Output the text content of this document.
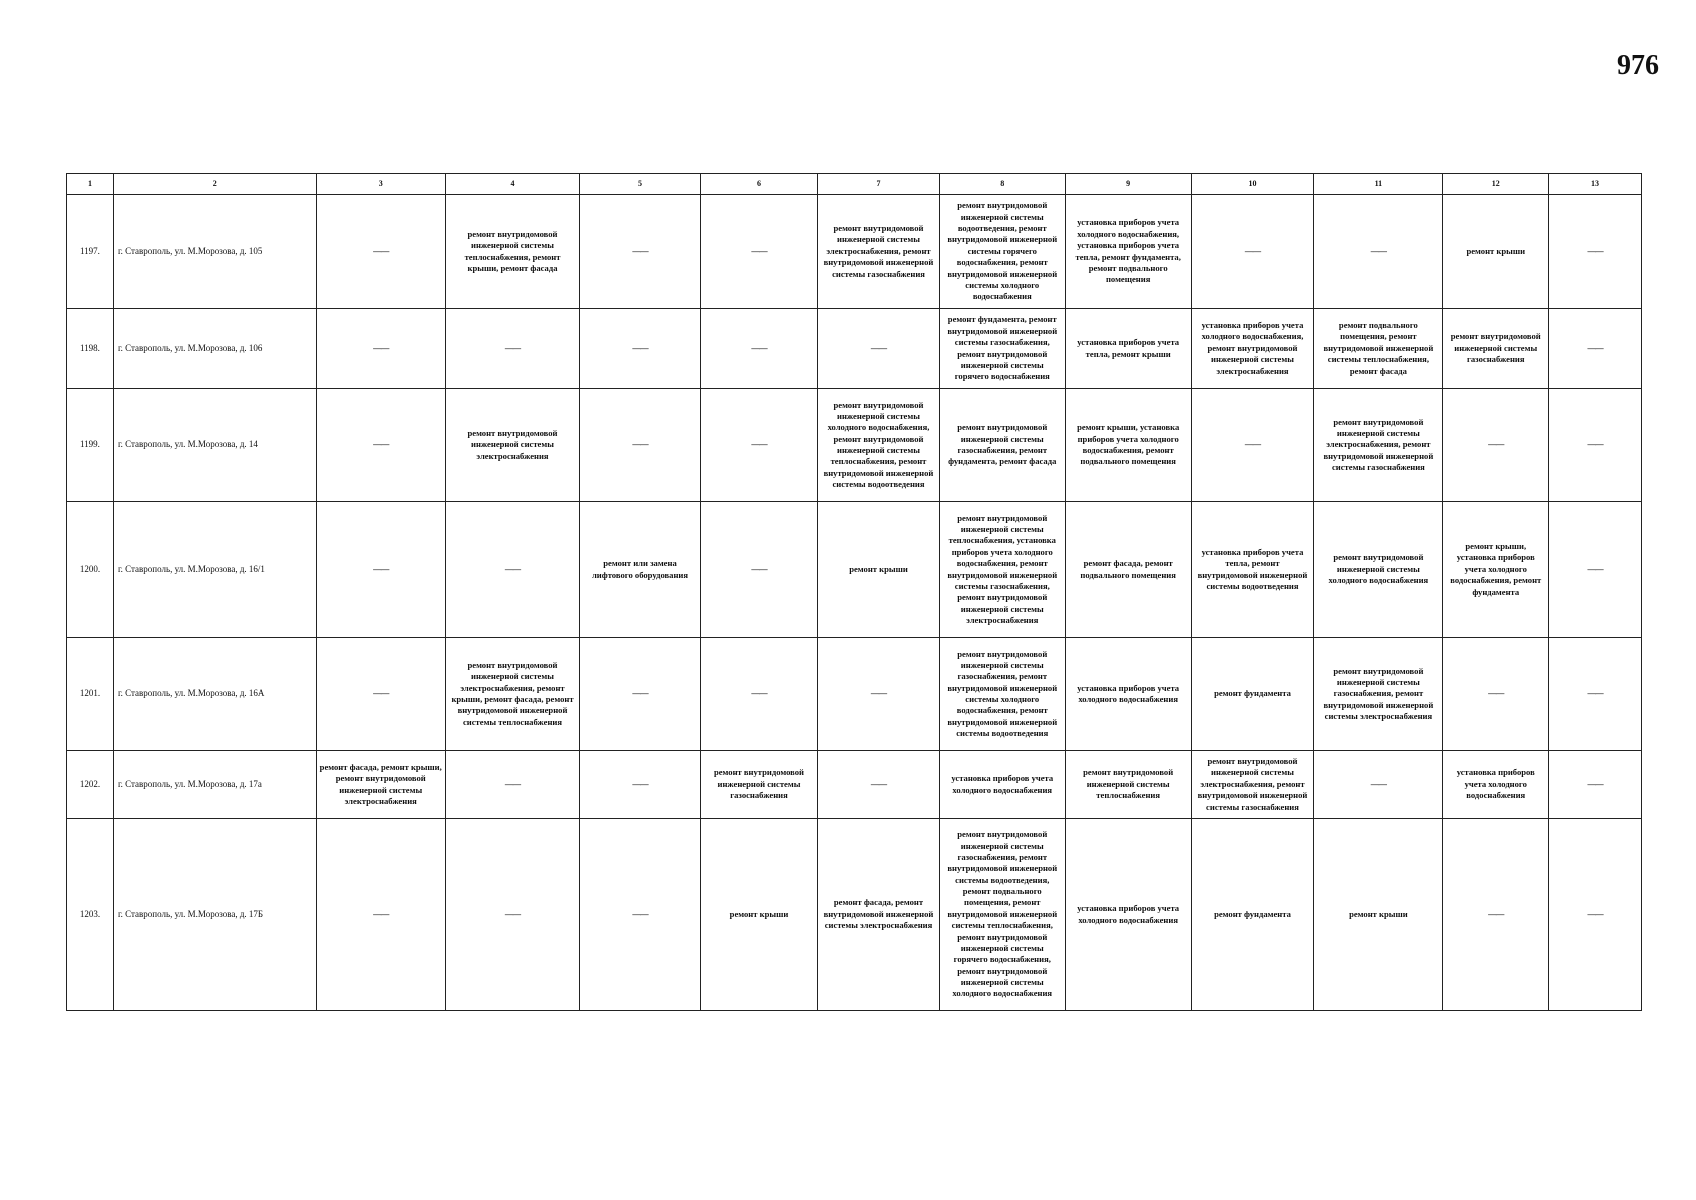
976
1	2	3	4	5	6	7	8	9	10	11	12	13
1197.	г. Ставрополь, ул. М.Морозова, д. 105	——	ремонт внутридомовой инженерной системы теплоснабжения, ремонт крыши, ремонт фасада	——	——	ремонт внутридомовой инженерной системы электроснабжения, ремонт внутридомовой инженерной системы газоснабжения	ремонт внутридомовой инженерной системы водоотведения, ремонт внутридомовой инженерной системы горячего водоснабжения, ремонт внутридомовой инженерной системы холодного водоснабжения	установка приборов учета холодного водоснабжения, установка приборов учета тепла, ремонт фундамента, ремонт подвального помещения	——	——	ремонт крыши	——
1198.	г. Ставрополь, ул. М.Морозова, д. 106	——	——	——	——	——	ремонт фундамента, ремонт внутридомовой инженерной системы газоснабжения, ремонт внутридомовой инженерной системы горячего водоснабжения	установка приборов учета тепла, ремонт крыши	установка приборов учета холодного водоснабжения, ремонт внутридомовой инженерной системы электроснабжения	ремонт подвального помещения, ремонт внутридомовой инженерной системы теплоснабжения, ремонт фасада	ремонт внутридомовой инженерной системы газоснабжения	——
1199.	г. Ставрополь, ул. М.Морозова, д. 14	——	ремонт внутридомовой инженерной системы электроснабжения	——	——	ремонт внутридомовой инженерной системы холодного водоснабжения, ремонт внутридомовой инженерной системы теплоснабжения, ремонт внутридомовой инженерной системы водоотведения	ремонт внутридомовой инженерной системы газоснабжения, ремонт фундамента, ремонт фасада	ремонт крыши, установка приборов учета холодного водоснабжения, ремонт подвального помещения	——	ремонт внутридомовой инженерной системы электроснабжения, ремонт внутридомовой инженерной системы газоснабжения	——	——
1200.	г. Ставрополь, ул. М.Морозова, д. 16/1	——	——	ремонт или замена лифтового оборудования	——	ремонт крыши	ремонт внутридомовой инженерной системы теплоснабжения, установка приборов учета холодного водоснабжения, ремонт внутридомовой инженерной системы газоснабжения, ремонт внутридомовой инженерной системы электроснабжения	ремонт фасада, ремонт подвального помещения	установка приборов учета тепла, ремонт внутридомовой инженерной системы водоотведения	ремонт внутридомовой инженерной системы холодного водоснабжения	ремонт крыши, установка приборов учета холодного водоснабжения, ремонт фундамента	——
1201.	г. Ставрополь, ул. М.Морозова, д. 16А	——	ремонт внутридомовой инженерной системы электроснабжения, ремонт крыши, ремонт фасада, ремонт внутридомовой инженерной системы теплоснабжения	——	——	——	ремонт внутридомовой инженерной системы газоснабжения, ремонт внутридомовой инженерной системы холодного водоснабжения, ремонт внутридомовой инженерной системы водоотведения	установка приборов учета холодного водоснабжения	ремонт фундамента	ремонт внутридомовой инженерной системы газоснабжения, ремонт внутридомовой инженерной системы электроснабжения	——	——
1202.	г. Ставрополь, ул. М.Морозова, д. 17а	ремонт фасада, ремонт крыши, ремонт внутридомовой инженерной системы электроснабжения	——	——	ремонт внутридомовой инженерной системы газоснабжения	——	установка приборов учета холодного водоснабжения	ремонт внутридомовой инженерной системы теплоснабжения	ремонт внутридомовой инженерной системы электроснабжения, ремонт внутридомовой инженерной системы газоснабжения	——	установка приборов учета холодного водоснабжения	——
1203.	г. Ставрополь, ул. М.Морозова, д. 17Б	——	——	——	ремонт крыши	ремонт фасада, ремонт внутридомовой инженерной системы электроснабжения	ремонт внутридомовой инженерной системы газоснабжения, ремонт внутридомовой инженерной системы водоотведения, ремонт подвального помещения, ремонт внутридомовой инженерной системы теплоснабжения, ремонт внутридомовой инженерной системы горячего водоснабжения, ремонт внутридомовой инженерной системы холодного водоснабжения	установка приборов учета холодного водоснабжения	ремонт фундамента	ремонт крыши	——	——
